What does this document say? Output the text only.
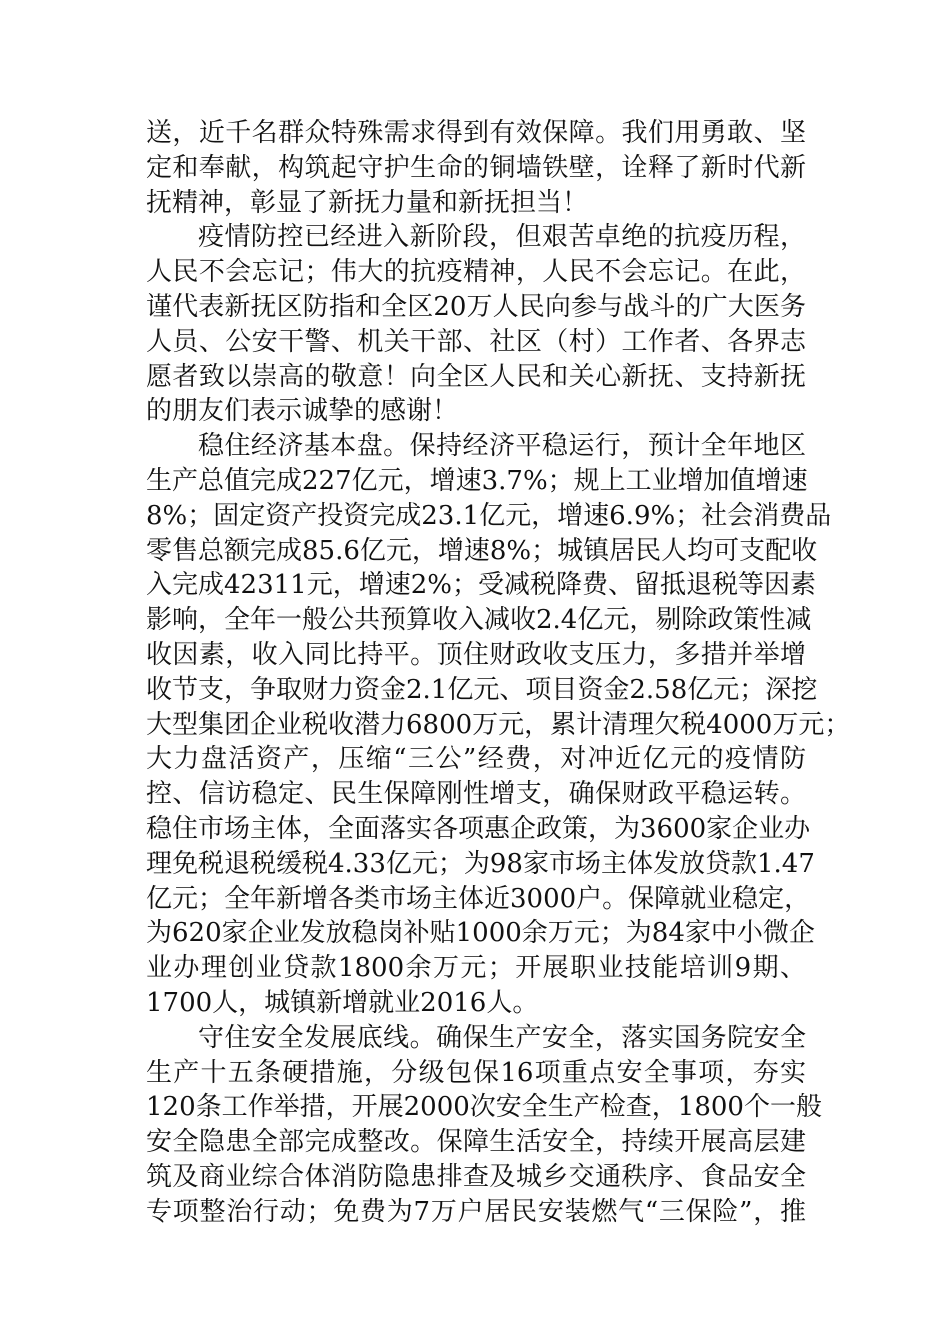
送，近千名群众特殊需求得到有效保障。我们用勇敢、坚
定和奉献，构筑起守护生命的铜墙铁壁，诠释了新时代新
抚精神，彰显了新抚力量和新抚担当！
疫情防控已经进入新阶段，但艰苦卓绝的抗疫历程，
人民不会忘记；伟大的抗疫精神，人民不会忘记。在此，
谨代表新抚区防指和全区20万人民向参与战斗的广大医务
人员、公安干警、机关干部、社区（村）工作者、各界志
愿者致以崇高的敬意！向全区人民和关心新抚、支持新抚
的朋友们表示诚挚的感谢！
稳住经济基本盘。保持经济平稳运行，预计全年地区
生产总值完成227亿元，增速3.7%；规上工业增加值增速
8%；固定资产投资完成23.1亿元，增速6.9%；社会消费品
零售总额完成85.6亿元，增速8%；城镇居民人均可支配收
入完成42311元，增速2%；受减税降费、留抵退税等因素
影响，全年一般公共预算收入减收2.4亿元，剔除政策性减
收因素，收入同比持平。顶住财政收支压力，多措并举增
收节支，争取财力资金2.1亿元、项目资金2.58亿元；深挖
大型集团企业税收潜力6800万元，累计清理欠税4000万元；
大力盘活资产，压缩“三公”经费，对冲近亿元的疫情防
控、信访稳定、民生保障刚性增支，确保财政平稳运转。
稳住市场主体，全面落实各项惠企政策，为3600家企业办
理免税退税缓税4.33亿元；为98家市场主体发放贷款1.47
亿元；全年新增各类市场主体近3000户。保障就业稳定，
为620家企业发放稳岗补贴1000余万元；为84家中小微企
业办理创业贷款1800余万元；开展职业技能培训9期、
1700人，城镇新增就业2016人。
守住安全发展底线。确保生产安全，落实国务院安全
生产十五条硬措施，分级包保16项重点安全事项，夯实
120条工作举措，开展2000次安全生产检查，1800个一般
安全隐患全部完成整改。保障生活安全，持续开展高层建
筑及商业综合体消防隐患排查及城乡交通秩序、食品安全
专项整治行动；免费为7万户居民安装燃气“三保险”，推
